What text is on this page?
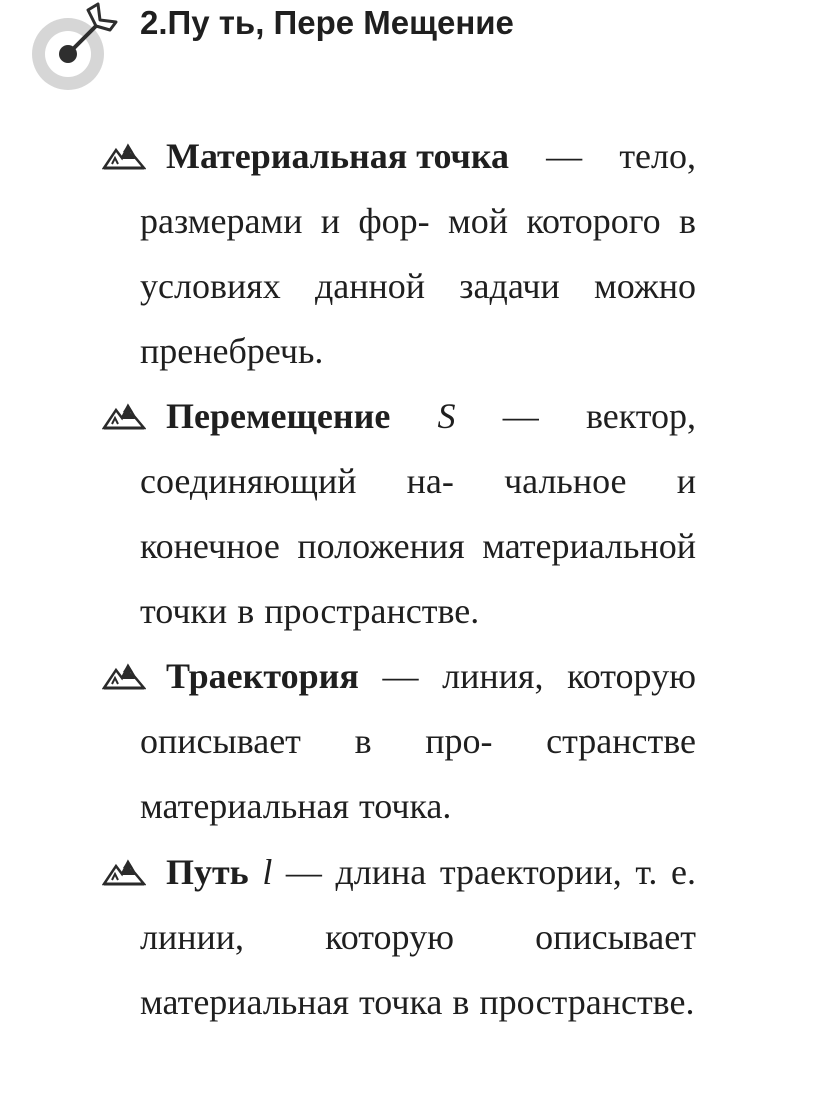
2.Пу ть, Пере Мещение
Материальная точка — тело,
размерами и фор- мой которого в
условиях данной задачи можно
пренебречь.
Перемещение S — вектор,
соединяющий на- чальное и
конечное положения материальной
точки в пространстве.
Траектория — линия, которую
описывает в про- странстве
материальная точка.
Путь l — длина траектории, т. е.
линии, которую описывает
материальная точка в пространстве.
